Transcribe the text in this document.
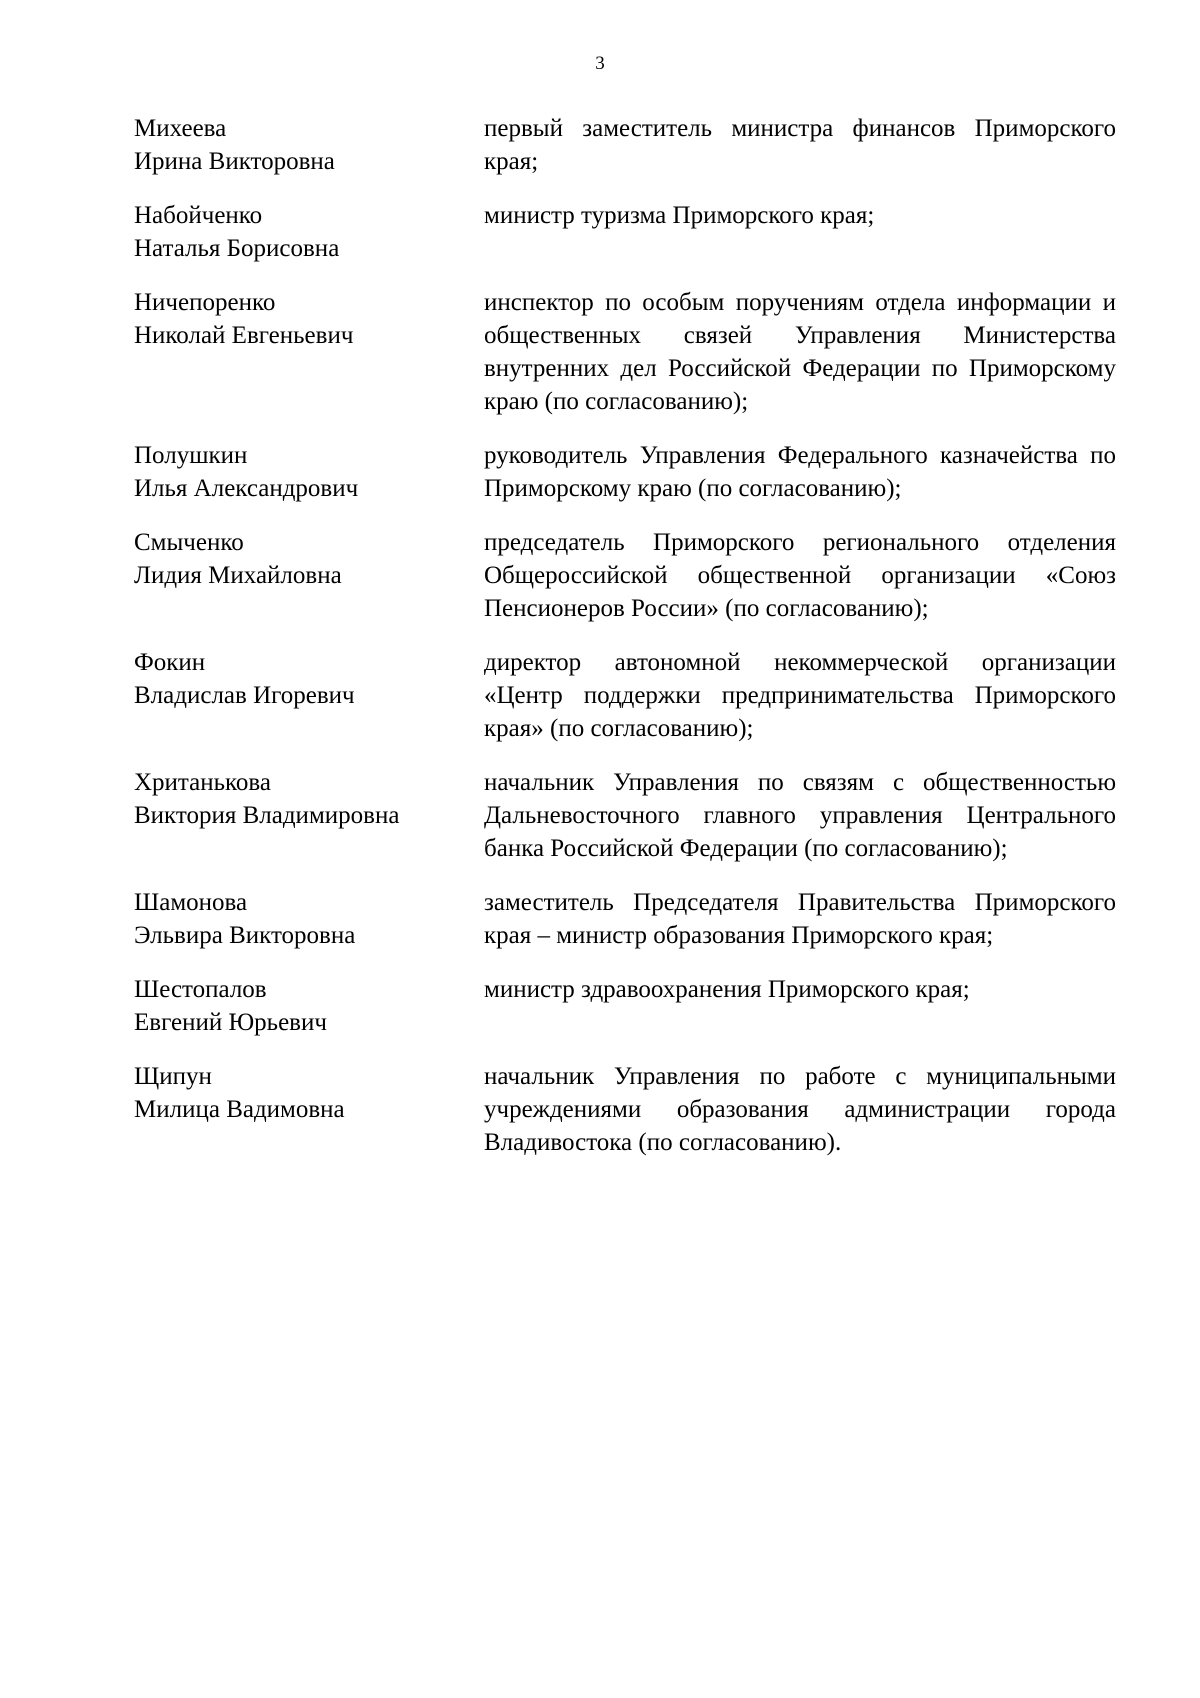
3
Михеева
Ирина Викторовна
первый заместитель министра финансов Приморского края;
Набойченко
Наталья Борисовна
министр туризма Приморского края;
Ничепоренко
Николай Евгеньевич
инспектор по особым поручениям отдела информации и общественных связей Управления Министерства внутренних дел Российской Федерации по Приморскому краю (по согласованию);
Полушкин
Илья Александрович
руководитель Управления Федерального казначейства по Приморскому краю (по согласованию);
Смыченко
Лидия Михайловна
председатель Приморского регионального отделения Общероссийской общественной организации «Союз Пенсионеров России» (по согласованию);
Фокин
Владислав Игоревич
директор автономной некоммерческой организации «Центр поддержки предпринимательства Приморского края» (по согласованию);
Хританькова
Виктория Владимировна
начальник Управления по связям с общественностью Дальневосточного главного управления Центрального банка Российской Федерации (по согласованию);
Шамонова
Эльвира Викторовна
заместитель Председателя Правительства Приморского края – министр образования Приморского края;
Шестопалов
Евгений Юрьевич
министр здравоохранения Приморского края;
Щипун
Милица Вадимовна
начальник Управления по работе с муниципальными учреждениями образования администрации города Владивостока (по согласованию).
